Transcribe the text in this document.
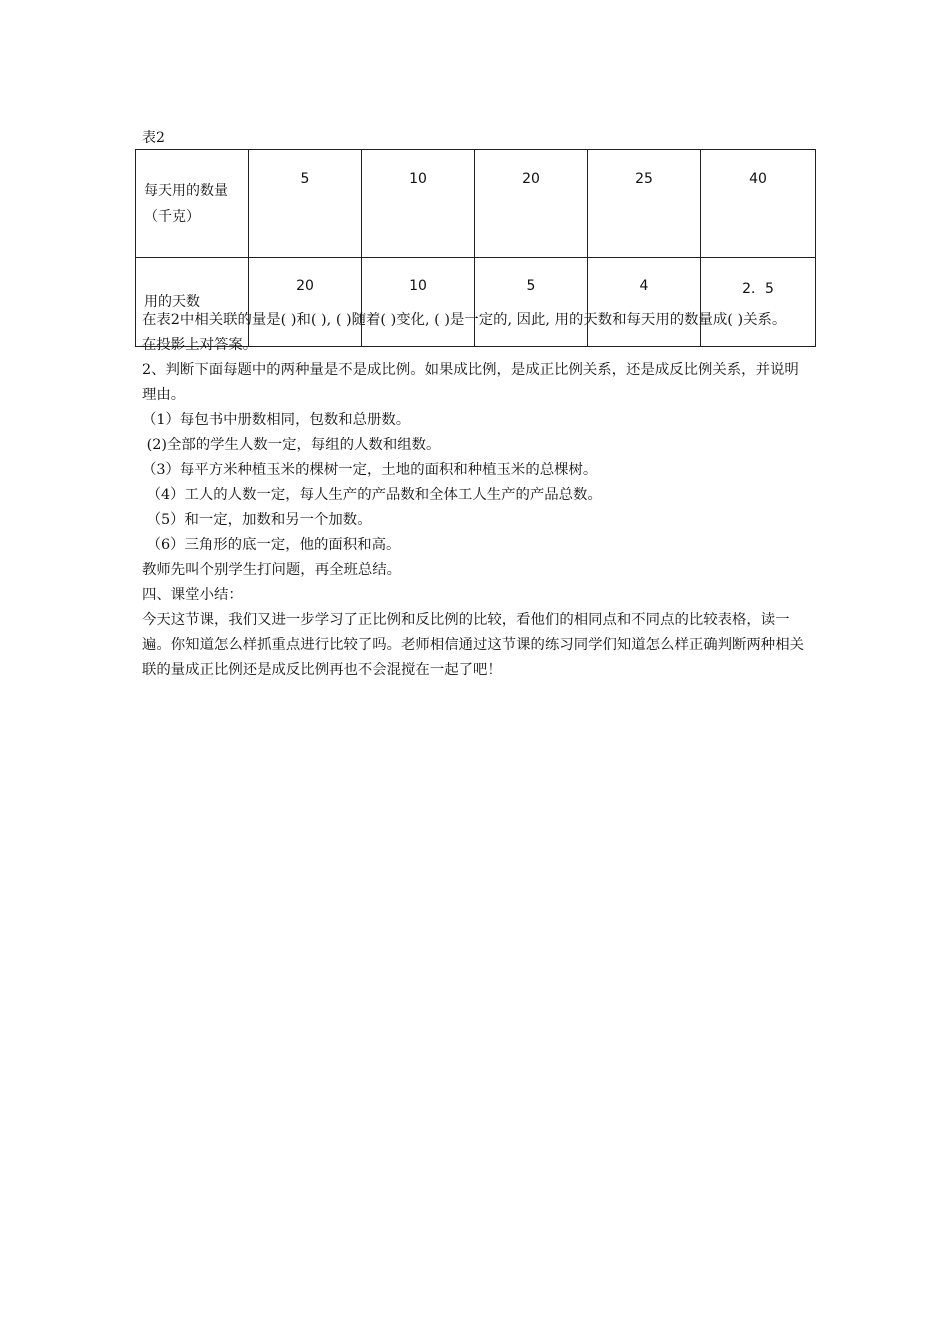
表2
每天用的数量（千克）	5	10	20	25	40
用的天数	20	10	5	4	2．5

在表2中相关联的量是( )和( ), ( )随着( )变化, ( )是一定的, 因此, 用的天数和每天用的数量成( )关系。

在投影上对答案。

2、判断下面每题中的两种量是不是成比例。如果成比例，是成正比例关系，还是成反比例关系，并说明理由。

（1）每包书中册数相同，包数和总册数。

(2)全部的学生人数一定，每组的人数和组数。

（3）每平方米种植玉米的棵树一定，土地的面积和种植玉米的总棵树。

（4）工人的人数一定，每人生产的产品数和全体工人生产的产品总数。

（5）和一定，加数和另一个加数。

（6）三角形的底一定，他的面积和高。

教师先叫个别学生打问题，再全班总结。

四、课堂小结：

今天这节课，我们又进一步学习了正比例和反比例的比较，看他们的相同点和不同点的比较表格，读一遍。你知道怎么样抓重点进行比较了吗。老师相信通过这节课的练习同学们知道怎么样正确判断两种相关联的量成正比例还是成反比例再也不会混搅在一起了吧！
